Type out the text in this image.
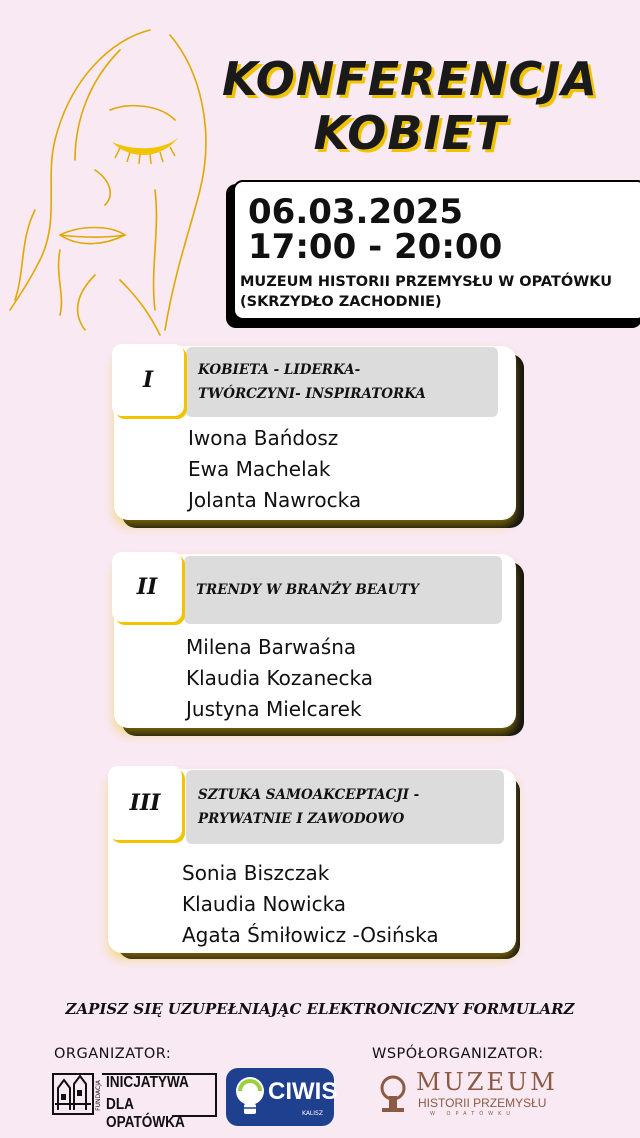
KONFERENCJA
KOBIET
06.03.2025
17:00 - 20:00
MUZEUM HISTORII PRZEMYSŁU W OPATÓWKU
(SKRZYDŁO ZACHODNIE)
KOBIETA - LIDERKA-
TWÓRCZYNI- INSPIRATORKA
I
Iwona Bańdosz
Ewa Machelak
Jolanta Nawrocka
TRENDY W BRANŻY BEAUTY
II
Milena Barwaśna
Klaudia Kozanecka
Justyna Mielcarek
SZTUKA SAMOAKCEPTACJI -
PRYWATNIE I ZAWODOWO
III
Sonia Biszczak
Klaudia Nowicka
Agata Śmiłowicz -Osińska
ZAPISZ SIĘ UZUPEŁNIAJĄC ELEKTRONICZNY FORMULARZ
ORGANIZATOR:	WSPÓŁORGANIZATOR:
FUNDACJA INICJATYWA
DLA OPATÓWKA
CIWIS
KALISZ
MUZEUM
HISTORII PRZEMYSŁU
W OPATÓWKU
